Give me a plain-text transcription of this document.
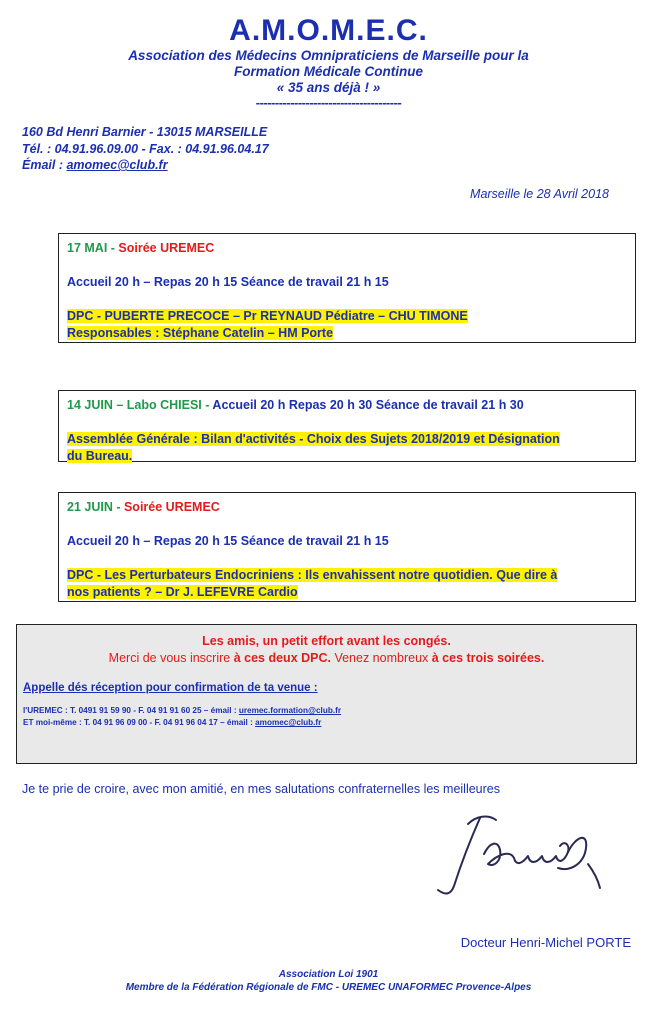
A.M.O.M.E.C.
Association des Médecins Omnipraticiens de Marseille pour la
Formation Médicale Continue
« 35 ans déjà ! »
--------------------------------------
160 Bd Henri Barnier - 13015 MARSEILLE
Tél. : 04.91.96.09.00 - Fax. : 04.91.96.04.17
Émail : amomec@club.fr
Marseille le 28 Avril 2018

17 MAI - Soirée UREMEC

Accueil 20 h – Repas 20 h 15 Séance de travail 21 h 15

DPC - PUBERTE PRECOCE – Pr REYNAUD Pédiatre – CHU TIMONE

Responsables : Stéphane Catelin – HM Porte

14 JUIN – Labo CHIESI - Accueil 20 h Repas 20 h 30 Séance de travail 21 h 30

Assemblée Générale : Bilan d'activités - Choix des Sujets 2018/2019 et Désignation

du Bureau.

21 JUIN - Soirée UREMEC

Accueil 20 h – Repas 20 h 15 Séance de travail 21 h 15

DPC - Les Perturbateurs Endocriniens : Ils envahissent notre quotidien. Que dire à

nos patients ? – Dr J. LEFEVRE Cardio

Les amis, un petit effort avant les congés.
Merci de vous inscrire à ces deux DPC. Venez nombreux à ces trois soirées.
Appelle dés réception pour confirmation de ta venue :
l'UREMEC : T. 0491 91 59 90 - F. 04 91 91 60 25 – émail : uremec.formation@club.fr
ET moi-même : T. 04 91 96 09 00 - F. 04 91 96 04 17 – émail : amomec@club.fr
Je te prie de croire, avec mon amitié, en mes salutations confraternelles les meilleures
Docteur Henri-Michel PORTE
Association Loi 1901
Membre de la Fédération Régionale de FMC - UREMEC UNAFORMEC Provence-Alpes
